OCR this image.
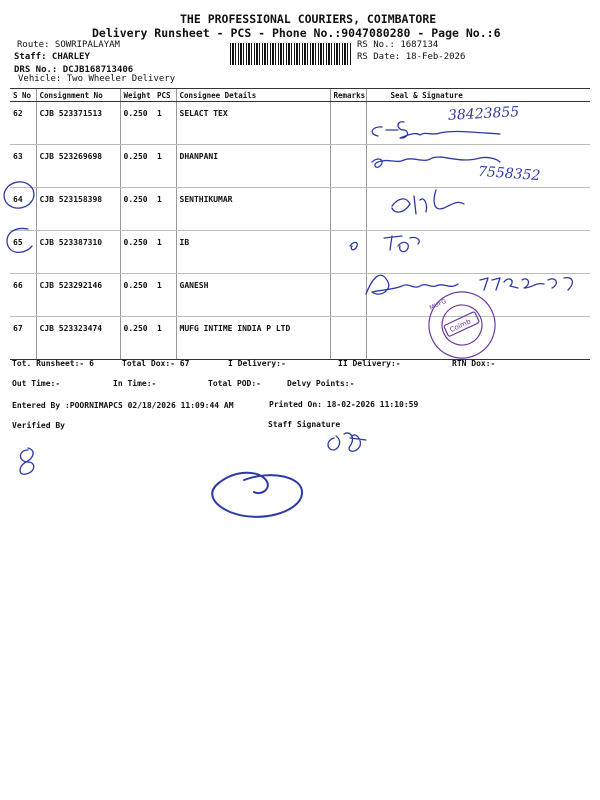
THE PROFESSIONAL COURIERS, COIMBATORE
Delivery Runsheet - PCS - Phone No.:9047080280 - Page No.:6
Route: SOWRIPALAYAM
Staff: CHARLEY
DRS No.: DCJB168713406
Vehicle: Two Wheeler Delivery
RS No.: 1687134
RS Date: 18-Feb-2026
S No	Consignment No	Weight	PCS	Consignee Details	Remarks	Seal & Signature
62	CJB 523371513	0.250	1	SELACT TEX		
63	CJB 523269698	0.250	1	DHANPANI		
64	CJB 523158398	0.250	1	SENTHIKUMAR		
65	CJB 523387310	0.250	1	IB		
66	CJB 523292146	0.250	1	GANESH		
67	CJB 523323474	0.250	1	MUFG INTIME INDIA P LTD		
Tot. Runsheet:- 6	Total Dox:- 67	I Delivery:-	II Delivery:-	RTN Dox:-
Out Time:-	In Time:-	Total POD:-	Delvy Points:-
Entered By :POORNIMAPCS 02/18/2026 11:09:44 AM	Printed On: 18-02-2026 11:10:59
Verified By	Staff Signature
38423855
7558352
Coimb
MUFG
